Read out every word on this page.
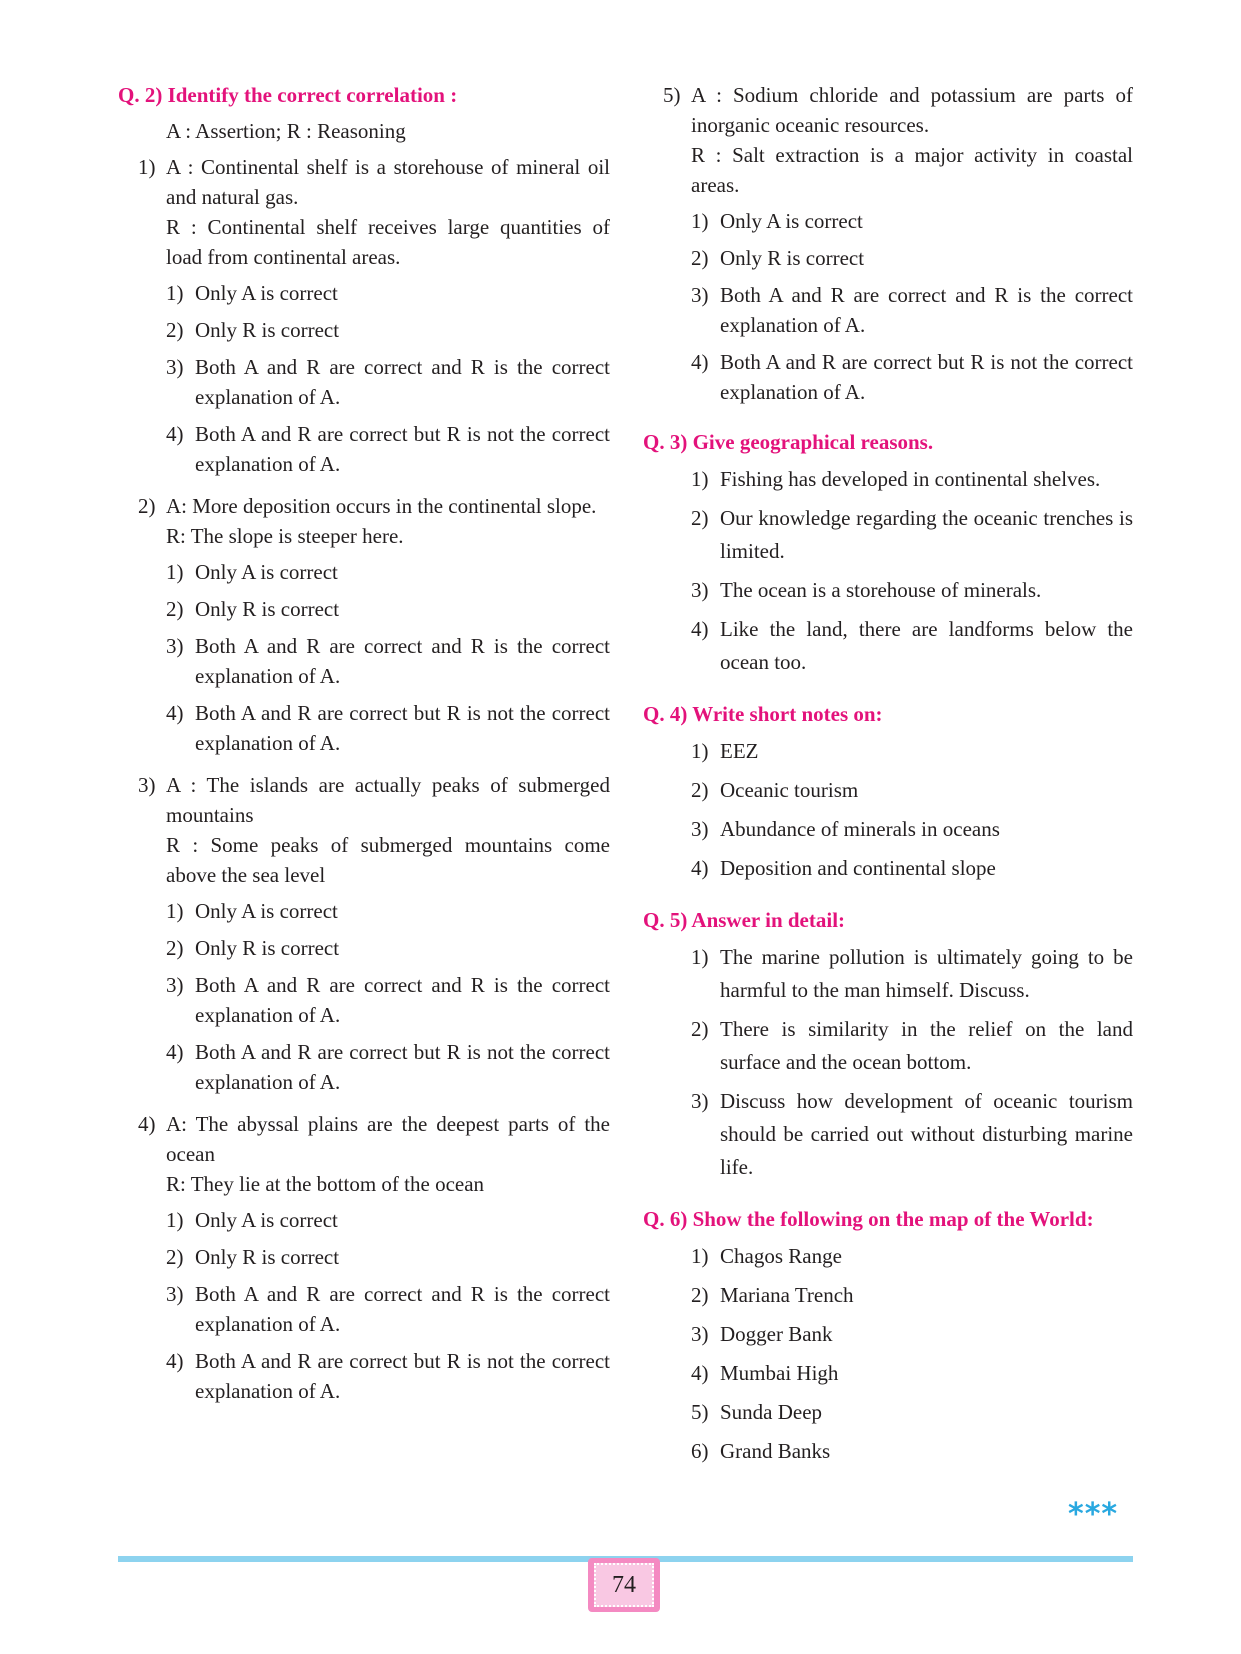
Q. 2) Identify the correct correlation :
A : Assertion; R : Reasoning
1) A : Continental shelf is a storehouse of mineral oil and natural gas.
R : Continental shelf receives large quantities of load from continental areas.
1) Only A is correct
2) Only R is correct
3) Both A and R are correct and R is the correct explanation of A.
4) Both A and R are correct but R is not the correct explanation of A.
2) A: More deposition occurs in the continental slope.
R: The slope is steeper here.
1) Only A is correct
2) Only R is correct
3) Both A and R are correct and R is the correct explanation of A.
4) Both A and R are correct but R is not the correct explanation of A.
3) A : The islands are actually peaks of submerged mountains
R : Some peaks of submerged mountains come above the sea level
1) Only A is correct
2) Only R is correct
3) Both A and R are correct and R is the correct explanation of A.
4) Both A and R are correct but R is not the correct explanation of A.
4) A: The abyssal plains are the deepest parts of the ocean
R: They lie at the bottom of the ocean
1) Only A is correct
2) Only R is correct
3) Both A and R are correct and R is the correct explanation of A.
4) Both A and R are correct but R is not the correct explanation of A.
5) A : Sodium chloride and potassium are parts of inorganic oceanic resources.
R : Salt extraction is a major activity in coastal areas.
1) Only A is correct
2) Only R is correct
3) Both A and R are correct and R is the correct explanation of A.
4) Both A and R are correct but R is not the correct explanation of A.
Q. 3) Give geographical reasons.
1) Fishing has developed in continental shelves.
2) Our knowledge regarding the oceanic trenches is limited.
3) The ocean is a storehouse of minerals.
4) Like the land, there are landforms below the ocean too.
Q. 4) Write short notes on:
1) EEZ
2) Oceanic tourism
3) Abundance of minerals in oceans
4) Deposition and continental slope
Q. 5) Answer in detail:
1) The marine pollution is ultimately going to be harmful to the man himself. Discuss.
2) There is similarity in the relief on the land surface and the ocean bottom.
3) Discuss how development of oceanic tourism should be carried out without disturbing marine life.
Q. 6) Show the following on the map of the World:
1) Chagos Range
2) Mariana Trench
3) Dogger Bank
4) Mumbai High
5) Sunda Deep
6) Grand Banks
***
74
